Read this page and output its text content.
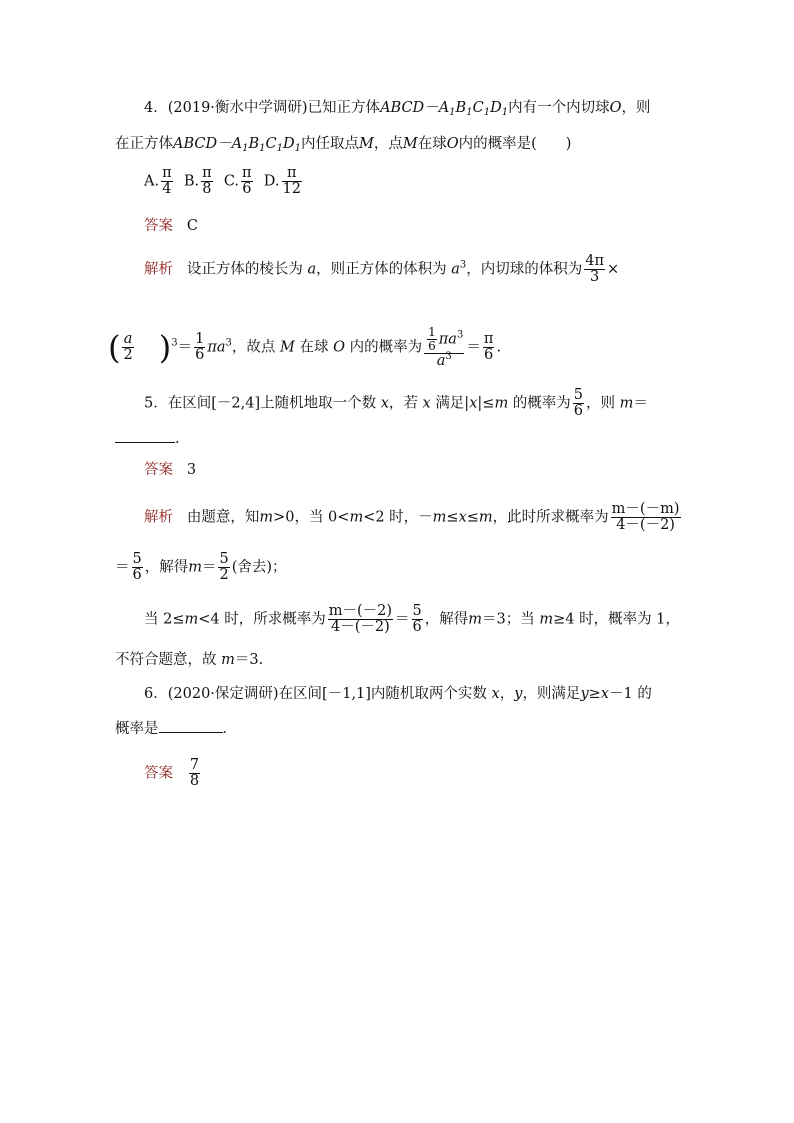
4．(2019·衡水中学调研)已知正方体$ABCD-A_1B_1C_1D_1$内有一个内切球O，则
在正方体$ABCD-A_1B_1C_1D_1$内任取点M，点M在球O内的概率是(　　)
A. $\frac{\pi}{4} B$. $\frac{\pi}{8} C$. $\frac{\pi}{6} D$. $\frac{\pi}{12}$
答案 C
解析 设正方体的棱长为 a，则正方体的体积为 $a^3$，内切球的体积为 $\frac{4\pi}{3}$ ×
( $\frac{a}{2} )^3= \frac{1}{6} \pi a^3$，故点 M 在球 O 内的概率为 $\frac{\frac{1}{6} \pi a^3}{a^3} = \frac{\pi}{6}$ .
5．在区间[－2,4]上随机地取一个数 x，若 x 满足|x|≤m 的概率为 $\frac{5}{6}$ ，则 m＝
.
答案 3
解析 由题意，知m>0，当 0<m<2 时，－m≤x≤m，此时所求概率为 $\frac{m-(-m)}{4-(-2)}$
＝ $\frac{5}{6}$ ，解得$m= \frac{5}{2}$ (舍去)；
当 2≤m<4 时，所求概率为 $\frac{m-(-2)}{4-(-2)} = \frac{5}{6}$ ，解得m＝3；当 m≥4 时，概率为 1，
不符合题意，故 m＝3.
6．(2020·保定调研)在区间[－1,1]内随机取两个实数 x，y，则满足y≥x－1 的
概率是	．
答案 $\frac{7}{8}$
